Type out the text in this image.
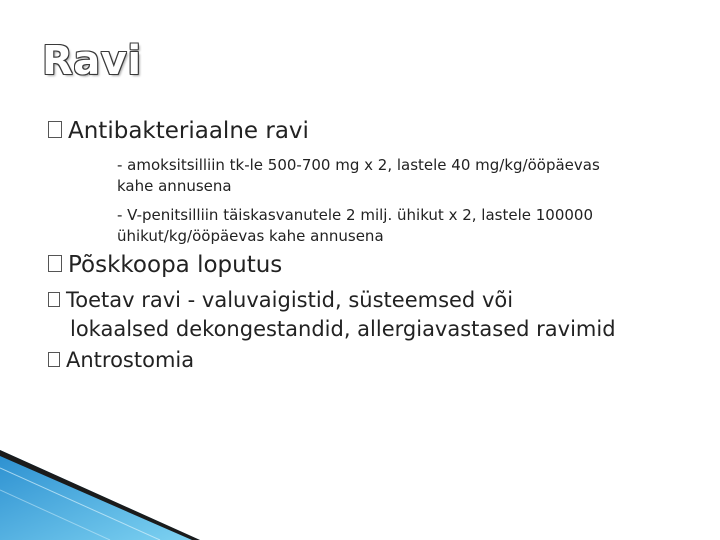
Ravi
Antibakteriaalne ravi
- amoksitsilliin tk-le 500-700 mg x 2, lastele 40 mg/kg/ööpäevas kahe annusena
- V-penitsilliin täiskasvanutele 2 milj. ühikut x 2, lastele 100000 ühikut/kg/ööpäevas kahe annusena
Põskkoopa loputus
Toetav ravi - valuvaigistid, süsteemsed või
lokaalsed dekongestandid, allergiavastased ravimid
Antrostomia
